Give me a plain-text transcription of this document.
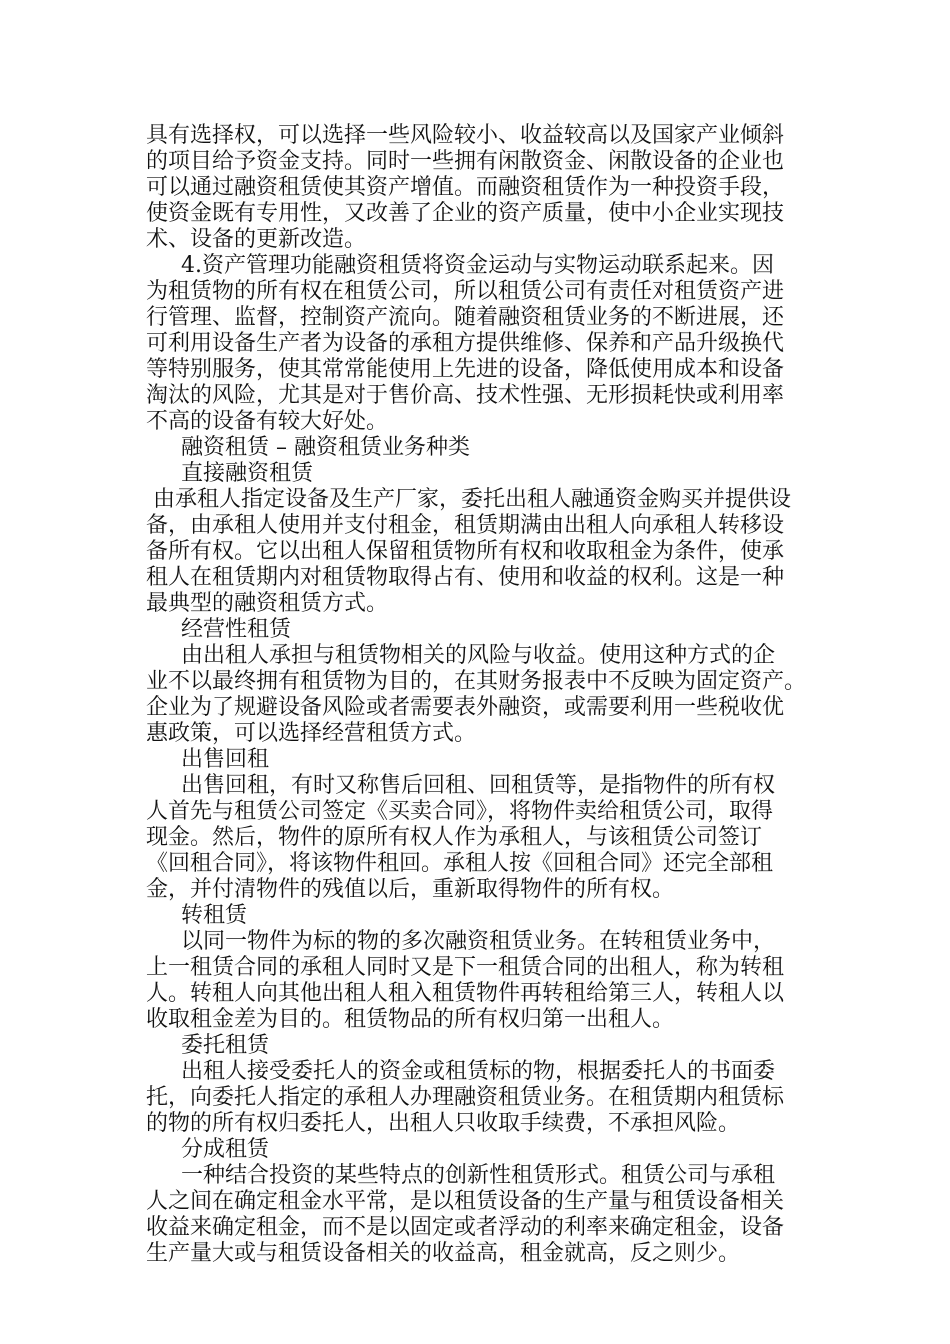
具有选择权，可以选择一些风险较小、收益较高以及国家产业倾斜
的项目给予资金支持。同时一些拥有闲散资金、闲散设备的企业也
可以通过融资租赁使其资产增值。而融资租赁作为一种投资手段，
使资金既有专用性，又改善了企业的资产质量，使中小企业实现技
术、设备的更新改造。
4.资产管理功能融资租赁将资金运动与实物运动联系起来。因
为租赁物的所有权在租赁公司，所以租赁公司有责任对租赁资产进
行管理、监督，控制资产流向。随着融资租赁业务的不断进展，还
可利用设备生产者为设备的承租方提供维修、保养和产品升级换代
等特别服务，使其常常能使用上先进的设备，降低使用成本和设备
淘汰的风险，尤其是对于售价高、技术性强、无形损耗快或利用率
不高的设备有较大好处。
融资租赁 – 融资租赁业务种类
直接融资租赁
由承租人指定设备及生产厂家，委托出租人融通资金购买并提供设
备，由承租人使用并支付租金，租赁期满由出租人向承租人转移设
备所有权。它以出租人保留租赁物所有权和收取租金为条件，使承
租人在租赁期内对租赁物取得占有、使用和收益的权利。这是一种
最典型的融资租赁方式。
经营性租赁
由出租人承担与租赁物相关的风险与收益。使用这种方式的企
业不以最终拥有租赁物为目的，在其财务报表中不反映为固定资产。
企业为了规避设备风险或者需要表外融资，或需要利用一些税收优
惠政策，可以选择经营租赁方式。
出售回租
出售回租，有时又称售后回租、回租赁等，是指物件的所有权
人首先与租赁公司签定《买卖合同》，将物件卖给租赁公司，取得
现金。然后，物件的原所有权人作为承租人，与该租赁公司签订
《回租合同》，将该物件租回。承租人按《回租合同》还完全部租
金，并付清物件的残值以后，重新取得物件的所有权。
转租赁
以同一物件为标的物的多次融资租赁业务。在转租赁业务中，
上一租赁合同的承租人同时又是下一租赁合同的出租人，称为转租
人。转租人向其他出租人租入租赁物件再转租给第三人，转租人以
收取租金差为目的。租赁物品的所有权归第一出租人。
委托租赁
出租人接受委托人的资金或租赁标的物，根据委托人的书面委
托，向委托人指定的承租人办理融资租赁业务。在租赁期内租赁标
的物的所有权归委托人，出租人只收取手续费，不承担风险。
分成租赁
一种结合投资的某些特点的创新性租赁形式。租赁公司与承租
人之间在确定租金水平常，是以租赁设备的生产量与租赁设备相关
收益来确定租金，而不是以固定或者浮动的利率来确定租金，设备
生产量大或与租赁设备相关的收益高，租金就高，反之则少。
